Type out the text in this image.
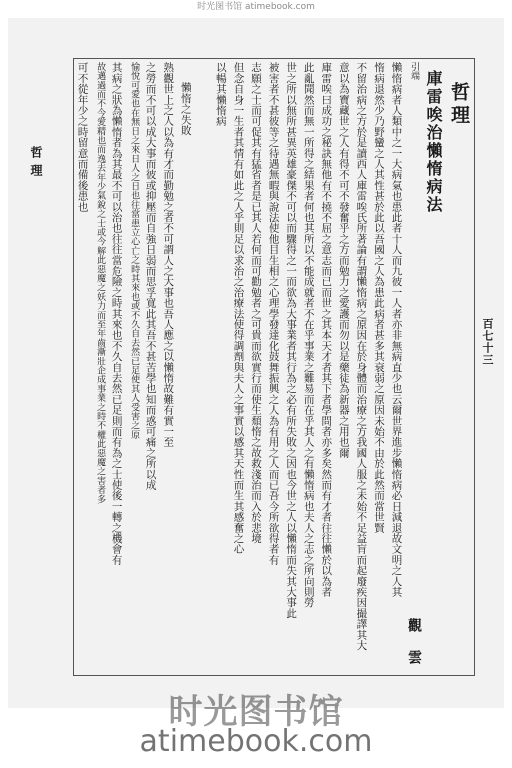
时光图书馆 atimebook.com
哲理
庫雷唉治懶惰病法
引端
懶惰病者人類中之一大病氣也患此者十人而九彼一人者亦非無病直少也云爾世界進步懶惰病必日減退故文明之人其
惰病退然少乃野蠻之人其性甚於此以吾國之人為患此病者甚多其衰弱之原因未始不由於此然而當世賢
不留治病之方於是讀西人庫雷唉氏所著論有謂懶惰病之原因在於身體而治療之方我國人服之未始不足益肓而起廢疾因撮譯其大
意以為寶藏世之人有得不可不發奮乎之方而勉力之愛護而勿以是藥徒為新器之用也爾
庫雷唉曰成功之秘訣無他有不撓不屈之意志而已而世之其本天才者其下者學問者亦多矣然而有才者往往懶於以為者
此亂聞然而無一所得之結果者何也其所以不能成就者不在乎事業之難易而在乎其人之有懶惰病也夫人之志之所向則勞
世之所以無所甚異英雄豪傑不可以而驟得之一而欲為大事業者其行為之必有所失敗之因也今世之人以懶惰而失其大事此
被害者不甚彼等之待遇無暇與說法使他目生相之心理學發達化鼓舞振興之人為有用之人而已吾今所欲得者有
志願之士而可促其有猛省者是已其人若何而可勸勉者之可貴而欲實行而使生頹惰之故救淺治而入於悲境
但念自身一生者其情有如此之人乎則足以求治之治療法使得調劑與夫人之事實以感其天性而生其感奮之心
以暢其懶惰病
懶惰之失敗
熟觀世上之人以為有才而勤勉之者不可謂人之大事也吾人應之以懶惰故難有實一至
之勞而不可以成大事而彼或抑壓而自強日弱而思孚寬此其吾不甚苦學也知而惑可痛之所以成
愉悅可愛也在無日之來日人之日也往當患立心亡之時其來也或不久自去然已足使其人受害之原
其病之狀為懶惰者為其最不可以治也往往當危險之時其來也不久自去然已足則而有為之士使後一轉之機會有
故邁過而不今愛精也而逸去年少氣銳之士或今解此惡魔之妖力而至年齒漸壯企成事業之時不權此惡魔之害者多
可不從年少之時留意而備後患也
百七十三
哲理
觀雲
时光图书馆
atimebook.com
